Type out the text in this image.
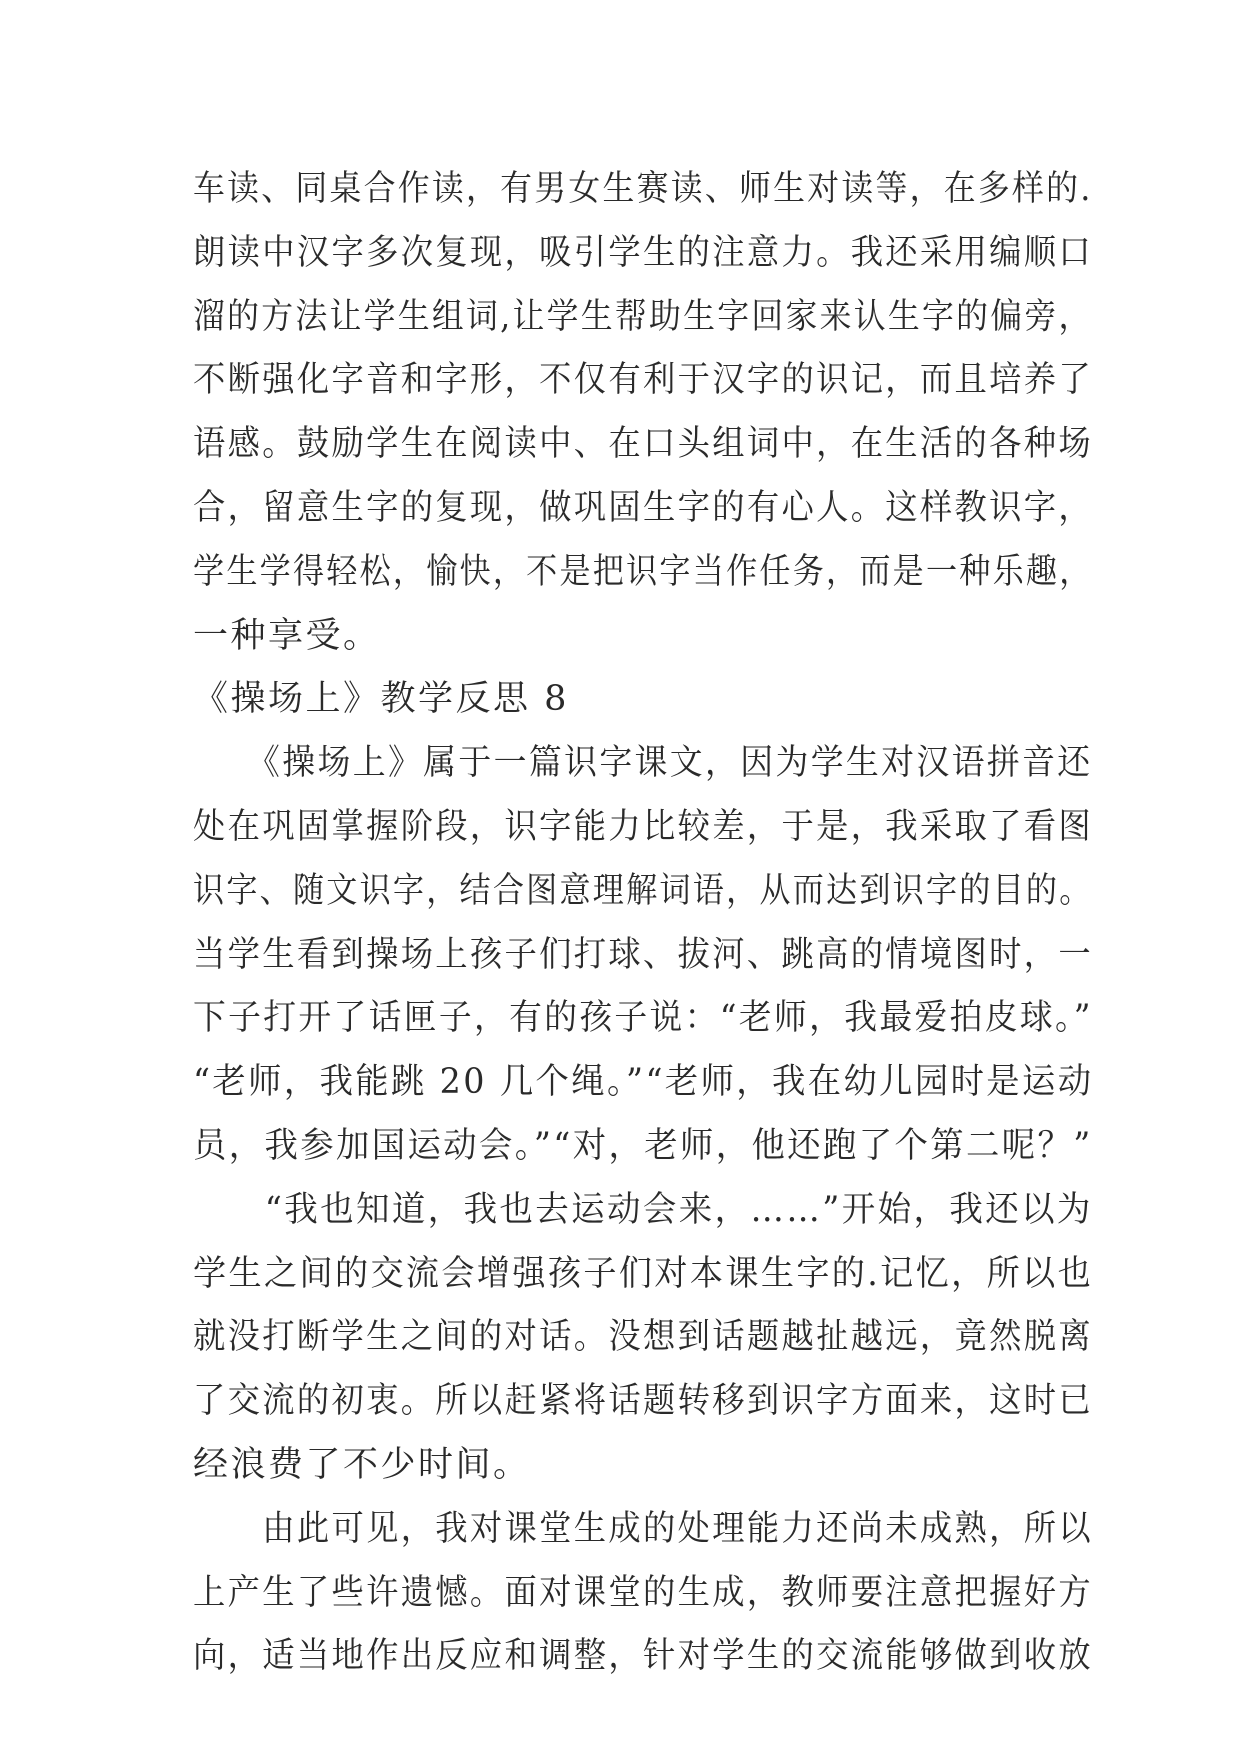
车读、同桌合作读，有男女生赛读、师生对读等，在多样的.
朗读中汉字多次复现，吸引学生的注意力。我还采用编顺口
溜的方法让学生组词,让学生帮助生字回家来认生字的偏旁，
不断强化字音和字形，不仅有利于汉字的识记，而且培养了
语感。鼓励学生在阅读中、在口头组词中，在生活的各种场
合，留意生字的复现，做巩固生字的有心人。这样教识字，
学生学得轻松，愉快，不是把识字当作任务，而是一种乐趣，
一种享受。
《操场上》教学反思 8
　　《操场上》属于一篇识字课文，因为学生对汉语拼音还
处在巩固掌握阶段，识字能力比较差，于是，我采取了看图
识字、随文识字，结合图意理解词语，从而达到识字的目的。
当学生看到操场上孩子们打球、拔河、跳高的情境图时，一
下子打开了话匣子，有的孩子说：“老师，我最爱拍皮球。”
“老师，我能跳 20 几个绳。”“老师，我在幼儿园时是运动
员，我参加国运动会。”“对，老师，他还跑了个第二呢？”
　　“我也知道，我也去运动会来，……”开始，我还以为
学生之间的交流会增强孩子们对本课生字的.记忆，所以也
就没打断学生之间的对话。没想到话题越扯越远，竟然脱离
了交流的初衷。所以赶紧将话题转移到识字方面来，这时已
经浪费了不少时间。
　　由此可见，我对课堂生成的处理能力还尚未成熟，所以
上产生了些许遗憾。面对课堂的生成，教师要注意把握好方
向，适当地作出反应和调整，针对学生的交流能够做到收放
